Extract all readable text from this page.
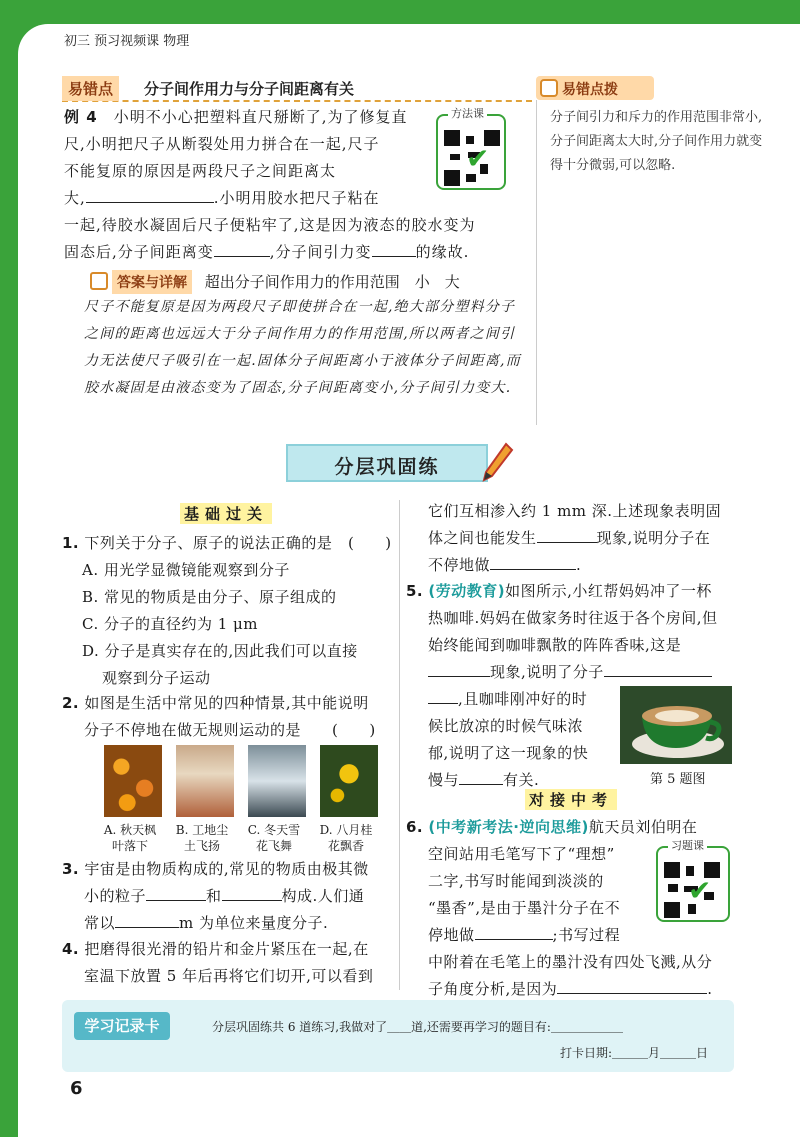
初三 预习视频课 物理
易错点	分子间作用力与分子间距离有关	易错点拨
分子间引力和斥力的作用范围非常小,分子间距离太大时,分子间作用力就变得十分微弱,可以忽略.
例 4　 小明不小心把塑料直尺掰断了,为了修复直
尺,小明把尺子从断裂处用力拼合在一起,尺子
不能复原的原因是两段尺子之间距离太
大,	.小明用胶水把尺子粘在
一起,待胶水凝固后尺子便粘牢了,这是因为液态的胶水变为
固态后,分子间距离变	,分子间引力变	的缘故.
方法课
✔
答案与详解 超出分子间作用力的作用范围　小　大
尺子不能复原是因为两段尺子即使拼合在一起,绝大部分塑料分子之间的距离也远远大于分子间作用力的作用范围,所以两者之间引力无法使尺子吸引在一起.固体分子间距离小于液体分子间距离,而胶水凝固是由液态变为了固态,分子间距离变小,分子间引力变大.
分层巩固练
基础过关
1. 下列关于分子、原子的说法正确的是　 (　　)
A. 用光学显微镜能观察到分子
B. 常见的物质是由分子、原子组成的
C. 分子的直径约为 1 μm
D. 分子是真实存在的,因此我们可以直接
观察到分子运动
2. 如图是生活中常见的四种情景,其中能说明
分子不停地在做无规则运动的是　　 (　　)
A. 秋天枫
叶落下
B. 工地尘
土飞扬
C. 冬天雪
花飞舞
D. 八月桂
花飘香
3. 宇宙是由物质构成的,常见的物质由极其微
小的粒子	和	构成.人们通
常以	m 为单位来量度分子.
4. 把磨得很光滑的铅片和金片紧压在一起,在
室温下放置 5 年后再将它们切开,可以看到
它们互相渗入约 1 mm 深.上述现象表明固
体之间也能发生	现象,说明分子在
不停地做	.
5. (劳动教育)如图所示,小红帮妈妈冲了一杯
热咖啡.妈妈在做家务时往返于各个房间,但
始终能闻到咖啡飘散的阵阵香味,这是
现象,说明了分子
,且咖啡刚冲好的时
候比放凉的时候气味浓
郁,说明了这一现象的快
慢与	有关.	第 5 题图
对接中考
6. (中考新考法·逆向思维)航天员刘伯明在
空间站用毛笔写下了“理想”
二字,书写时能闻到淡淡的
“墨香”,是由于墨汁分子在不
停地做	;书写过程
中附着在毛笔上的墨汁没有四处飞溅,从分
子角度分析,是因为	.
习题课
✔
学习记录卡	分层巩固练共 6 道练习,我做对了＿＿道,还需要再学习的题目有:＿＿＿＿＿＿
打卡日期:＿＿＿月＿＿＿日
6
